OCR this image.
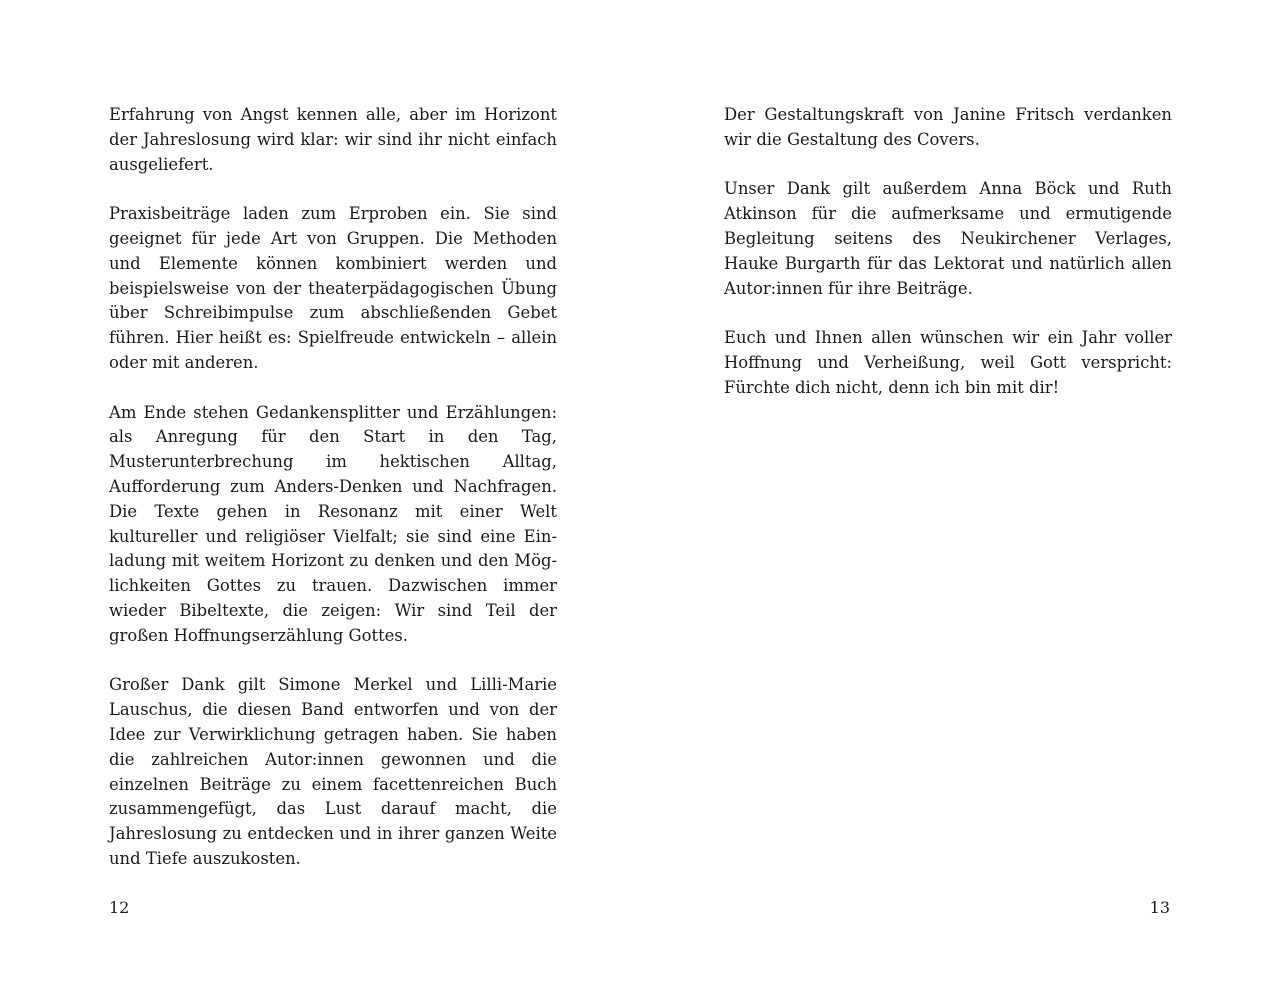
Erfahrung von Angst kennen alle, aber im Horizont der Jahreslosung wird klar: wir sind ihr nicht einfach ausgeliefert.

Praxisbeiträge laden zum Erproben ein. Sie sind geeignet für jede Art von Gruppen. Die Methoden und Elemente können kombiniert werden und beispielsweise von der theaterpädagogischen Übung über Schreibimpulse zum abschließenden Gebet führen. Hier heißt es: Spielfreude entwickeln – allein oder mit anderen.

Am Ende stehen Gedankensplitter und Erzählungen: als Anregung für den Start in den Tag, Musterunterbrechung im hektischen Alltag, Aufforderung zum Anders-Denken und Nachfragen. Die Texte gehen in Resonanz mit einer Welt kultureller und religiöser Vielfalt; sie sind eine Einladung mit weitem Horizont zu denken und den Möglichkeiten Gottes zu trauen. Dazwischen immer wieder Bibeltexte, die zeigen: Wir sind Teil der großen Hoffnungserzählung Gottes.

Großer Dank gilt Simone Merkel und Lilli-Marie Lauschus, die diesen Band entworfen und von der Idee zur Verwirklichung getragen haben. Sie haben die zahlreichen Autor:innen gewonnen und die einzelnen Beiträge zu einem facettenreichen Buch zusammengefügt, das Lust darauf macht, die Jahreslosung zu entdecken und in ihrer ganzen Weite und Tiefe auszukosten.

12

Der Gestaltungskraft von Janine Fritsch verdanken wir die Gestaltung des Covers.

Unser Dank gilt außerdem Anna Böck und Ruth Atkinson für die aufmerksame und ermutigende Begleitung seitens des Neukirchener Verlages, Hauke Burgarth für das Lektorat und natürlich allen Autor:innen für ihre Beiträge.

Euch und Ihnen allen wünschen wir ein Jahr voller Hoffnung und Verheißung, weil Gott verspricht: Fürchte dich nicht, denn ich bin mit dir!

13
